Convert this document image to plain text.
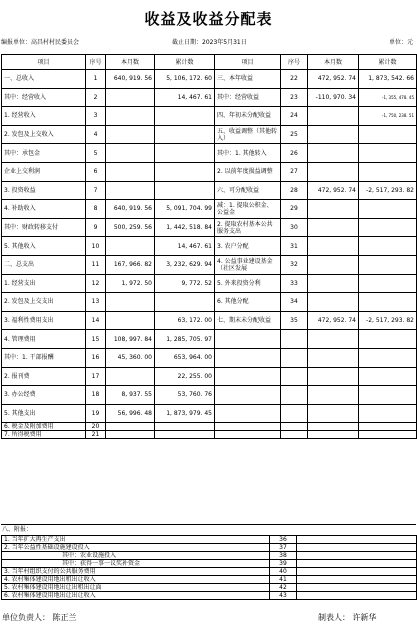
收益及收益分配表
编报单位：高昌村村民委员会	截止日期：2023年5月31日	单位：元
项目	序号	本月数	累计数	项目	序号	本月数	累计数
一、总收入	1	640, 919. 56	5, 106, 172. 60	三、本年收益	22	472, 952. 74	1, 873, 542. 66
其中：经营收入	2		14, 467. 61	其中：经营收益	23	-110, 970. 34	-1, 355, 478. 45
1. 经营收入	3			四、年初未分配收益	24		-1, 750, 238. 51
2. 发包及上交收入	4			五、收益调整（其他转入）	25		
其中：承包金	5			其中：1. 其他转入	26		
企业上交利润	6			2. 以前年度损益调整	27		
3. 投资收益	7			六、可分配收益	28	472, 952. 74	-2, 517, 293. 82
4. 补助收入	8	640, 919. 56	5, 091, 704. 99	减：1. 提取公积金、公益金	29		
其中：财政转移支付	9	500, 259. 56	1, 442, 518. 84	2. 提取农村基本公共服务支出	30		
5. 其他收入	10		14, 467. 61	3. 农户分配	31		
二、总支出	11	167, 966. 82	3, 232, 629. 94	4. 公益事业建设基金（社区发展	32		
1. 经营支出	12	1, 972. 50	9, 772. 52	5. 外来投资分利	33		
2. 发包及上交支出	13			6. 其他分配	34		
3. 福利性费用支出	14		63, 172. 00	七、期末未分配收益	35	472, 952. 74	-2, 517, 293. 82
4. 管理费用	15	108, 997. 84	1, 285, 705. 97				
其中：1. 干部报酬	16	45, 360. 00	653, 964. 00				
2. 报刊费	17		22, 255. 00				
3. 办公经费	18	8, 937. 55	53, 760. 76				
5. 其他支出	19	56, 996. 48	1, 873, 979. 45				
6. 税金及附加费用	20						
7. 所得税费用	21						
八、附报：
1. 当年扩大再生产支出	36	
2. 当年公益性基础设施建设投入	37	
其中：农业设施投入	38	
其中：获得一事一议奖补资金	39	
3. 当年村组织支付的公共服务费用	40	
4. 农村集体建设用地出租出让收入	41	
5. 农村集体建设用地出让出租出让面	42	
6. 农村集体建设用地出让出让收入	43	
单位负责人： 陈正兰	制表人： 许新华
